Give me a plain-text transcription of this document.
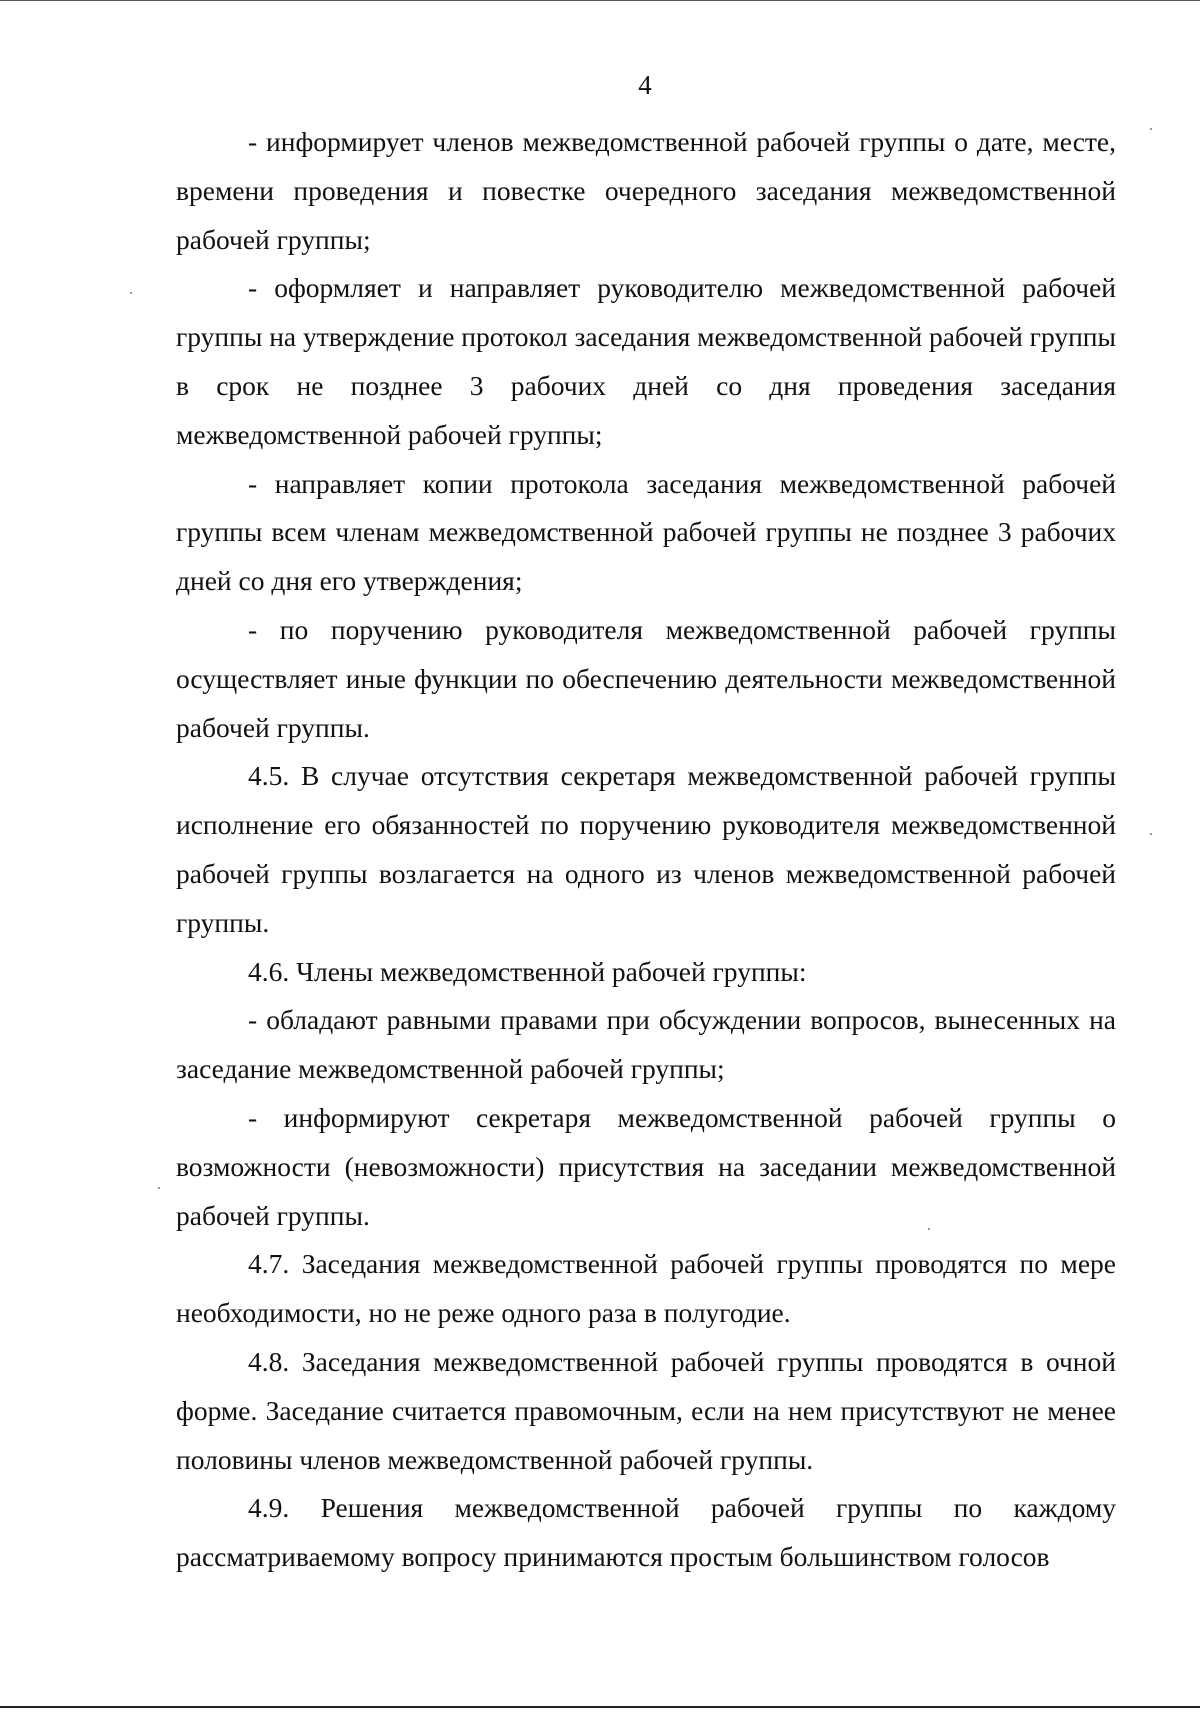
4

- информирует членов межведомственной рабочей группы о дате, месте, времени проведения и повестке очередного заседания межведомственной рабочей группы;

- оформляет и направляет руководителю межведомственной рабочей группы на утверждение протокол заседания межведомственной рабочей группы в срок не позднее 3 рабочих дней со дня проведения заседания межведомственной рабочей группы;

- направляет копии протокола заседания межведомственной рабочей группы всем членам межведомственной рабочей группы не позднее 3 рабочих дней со дня его утверждения;

- по поручению руководителя межведомственной рабочей группы осуществляет иные функции по обеспечению деятельности межведомственной рабочей группы.

4.5. В случае отсутствия секретаря межведомственной рабочей группы исполнение его обязанностей по поручению руководителя межведомственной рабочей группы возлагается на одного из членов межведомственной рабочей группы.

4.6. Члены межведомственной рабочей группы:

- обладают равными правами при обсуждении вопросов, вынесенных на заседание межведомственной рабочей группы;

- информируют секретаря межведомственной рабочей группы о возможности (невозможности) присутствия на заседании межведомственной рабочей группы.

4.7. Заседания межведомственной рабочей группы проводятся по мере необходимости, но не реже одного раза в полугодие.

4.8. Заседания межведомственной рабочей группы проводятся в очной форме. Заседание считается правомочным, если на нем присутствуют не менее половины членов межведомственной рабочей группы.

4.9. Решения межведомственной рабочей группы по каждому рассматриваемому вопросу принимаются простым большинством голосов
